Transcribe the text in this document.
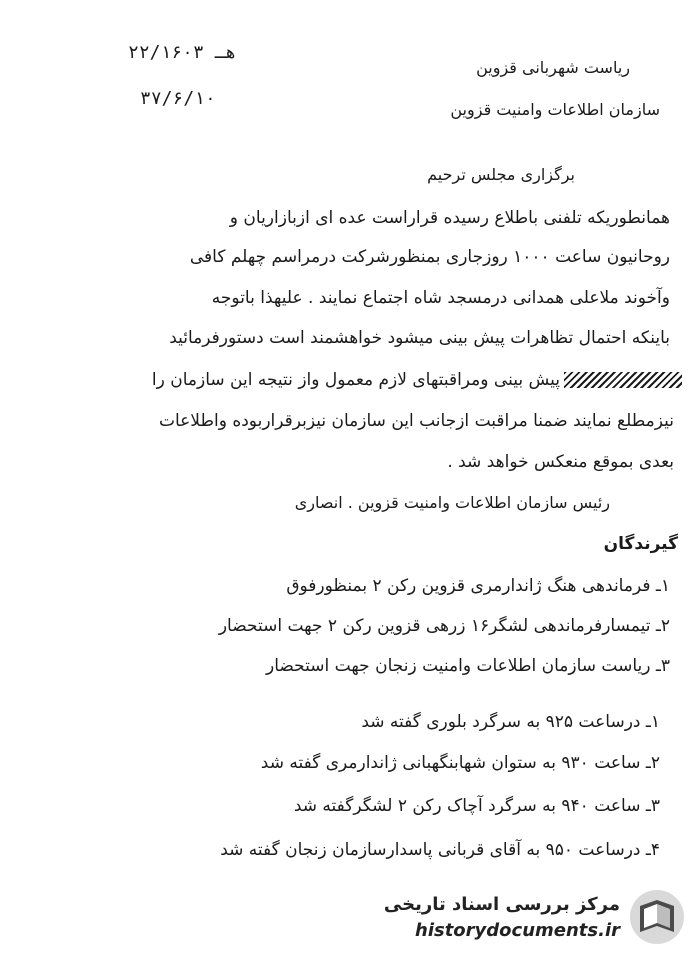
۲۲/۱۶۰۳ هـ
۳۷/۶/۱۰
ریاست شهربانی قزوین
سازمان اطلاعات وامنیت قزوین
برگزاری مجلس ترحیم
همانطوریکه تلفنی باطلاع رسیده قراراست عده ای ازبازاریان و
روحانیون ساعت ۱۰۰۰ روزجاری بمنظورشرکت درمراسم چهلم کافی
وآخوند ملاعلی همدانی درمسجد شاه اجتماع نمایند . علیهذا باتوجه
باینکه احتمال تظاهرات پیش بینی میشود خواهشمند است دستورفرمائید
پیش بینی ومراقبتهای لازم معمول واز نتیجه این سازمان را
نیزمطلع نمایند ضمنا مراقبت ازجانب این سازمان نیزبرقراربوده واطلاعات
بعدی بموقع منعکس خواهد شد .
رئیس سازمان اطلاعات وامنیت قزوین . انصاری
گیرندگان
۱ـ فرماندهی هنگ ژاندارمری قزوین رکن ۲ بمنظورفوق
۲ـ تیمسارفرماندهی لشگر۱۶ زرهی قزوین رکن ۲ جهت استحضار
۳ـ ریاست سازمان اطلاعات وامنیت زنجان جهت استحضار
۱ـ درساعت ۹۲۵ به سرگرد بلوری گفته شد
۲ـ ساعت ۹۳۰ به ستوان شهابنگهبانی ژاندارمری گفته شد
۳ـ ساعت ۹۴۰ به سرگرد آچاک رکن ۲ لشگرگفته شد
۴ـ درساعت ۹۵۰ به آقای قربانی پاسدارسازمان زنجان گفته شد
مرکز بررسی اسناد تاریخی
historydocuments.ir
